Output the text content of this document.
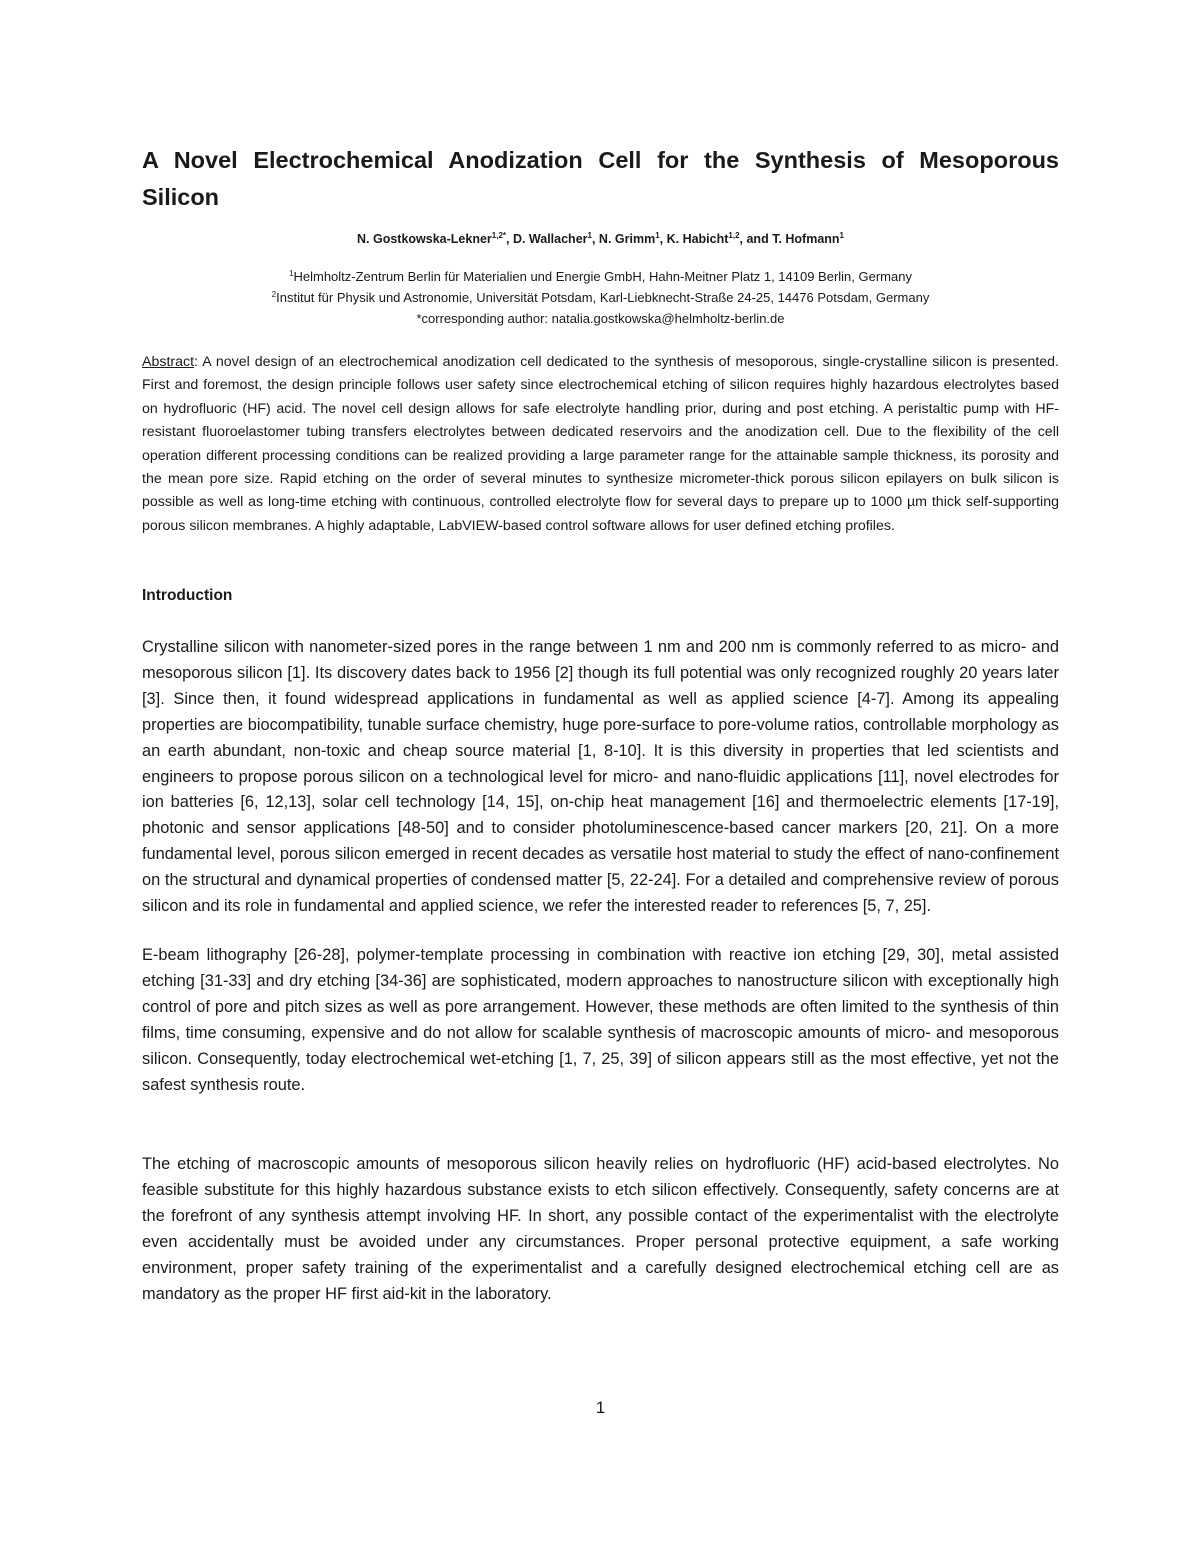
A Novel Electrochemical Anodization Cell for the Synthesis of Mesoporous Silicon
N. Gostkowska-Lekner$^{1,2*}$, D. Wallacher$^1$, N. Grimm$^1$, K. Habicht$^{1,2}$, and T. Hofmann$^1$
$^1$Helmholtz-Zentrum Berlin für Materialien und Energie GmbH, Hahn-Meitner Platz 1, 14109 Berlin, Germany
$^2$Institut für Physik und Astronomie, Universität Potsdam, Karl-Liebknecht-Straße 24-25, 14476 Potsdam, Germany
*corresponding author: natalia.gostkowska@helmholtz-berlin.de

Abstract: A novel design of an electrochemical anodization cell dedicated to the synthesis of mesoporous, single-crystalline silicon is presented. First and foremost, the design principle follows user safety since electrochemical etching of silicon requires highly hazardous electrolytes based on hydrofluoric (HF) acid. The novel cell design allows for safe electrolyte handling prior, during and post etching. A peristaltic pump with HF-resistant fluoroelastomer tubing transfers electrolytes between dedicated reservoirs and the anodization cell. Due to the flexibility of the cell operation different processing conditions can be realized providing a large parameter range for the attainable sample thickness, its porosity and the mean pore size. Rapid etching on the order of several minutes to synthesize micrometer-thick porous silicon epilayers on bulk silicon is possible as well as long-time etching with continuous, controlled electrolyte flow for several days to prepare up to 1000 µm thick self-supporting porous silicon membranes. A highly adaptable, LabVIEW-based control software allows for user defined etching profiles.

Introduction

Crystalline silicon with nanometer-sized pores in the range between 1 nm and 200 nm is commonly referred to as micro- and mesoporous silicon [1]. Its discovery dates back to 1956 [2] though its full potential was only recognized roughly 20 years later [3]. Since then, it found widespread applications in fundamental as well as applied science [4-7]. Among its appealing properties are biocompatibility, tunable surface chemistry, huge pore-surface to pore-volume ratios, controllable morphology as an earth abundant, non-toxic and cheap source material [1, 8-10]. It is this diversity in properties that led scientists and engineers to propose porous silicon on a technological level for micro- and nano-fluidic applications [11], novel electrodes for ion batteries [6, 12,13], solar cell technology [14, 15], on-chip heat management [16] and thermoelectric elements [17-19], photonic and sensor applications [48-50] and to consider photoluminescence-based cancer markers [20, 21]. On a more fundamental level, porous silicon emerged in recent decades as versatile host material to study the effect of nano-confinement on the structural and dynamical properties of condensed matter [5, 22-24]. For a detailed and comprehensive review of porous silicon and its role in fundamental and applied science, we refer the interested reader to references [5, 7, 25].

E-beam lithography [26-28], polymer-template processing in combination with reactive ion etching [29, 30], metal assisted etching [31-33] and dry etching [34-36] are sophisticated, modern approaches to nanostructure silicon with exceptionally high control of pore and pitch sizes as well as pore arrangement. However, these methods are often limited to the synthesis of thin films, time consuming, expensive and do not allow for scalable synthesis of macroscopic amounts of micro- and mesoporous silicon. Consequently, today electrochemical wet-etching [1, 7, 25, 39] of silicon appears still as the most effective, yet not the safest synthesis route.

The etching of macroscopic amounts of mesoporous silicon heavily relies on hydrofluoric (HF) acid-based electrolytes. No feasible substitute for this highly hazardous substance exists to etch silicon effectively. Consequently, safety concerns are at the forefront of any synthesis attempt involving HF. In short, any possible contact of the experimentalist with the electrolyte even accidentally must be avoided under any circumstances. Proper personal protective equipment, a safe working environment, proper safety training of the experimentalist and a carefully designed electrochemical etching cell are as mandatory as the proper HF first aid-kit in the laboratory.

1
